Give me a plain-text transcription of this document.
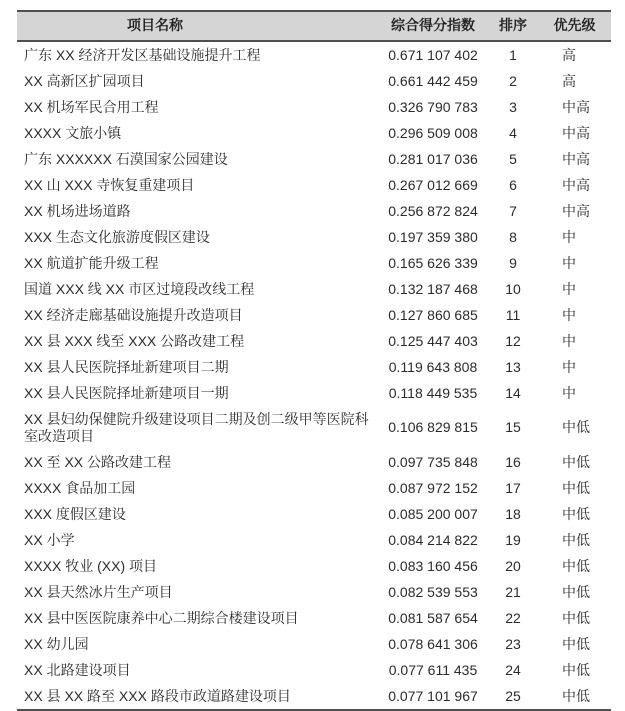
项目名称	综合得分指数	排序	优先级
广东 XX 经济开发区基础设施提升工程	0.671 107 402	1	高
XX 高新区扩园项目	0.661 442 459	2	高
XX 机场军民合用工程	0.326 790 783	3	中高
XXXX 文旅小镇	0.296 509 008	4	中高
广东 XXXXXX 石漠国家公园建设	0.281 017 036	5	中高
XX 山 XXX 寺恢复重建项目	0.267 012 669	6	中高
XX 机场进场道路	0.256 872 824	7	中高
XXX 生态文化旅游度假区建设	0.197 359 380	8	中
XX 航道扩能升级工程	0.165 626 339	9	中
国道 XXX 线 XX 市区过境段改线工程	0.132 187 468	10	中
XX 经济走廊基础设施提升改造项目	0.127 860 685	11	中
XX 县 XXX 线至 XXX 公路改建工程	0.125 447 403	12	中
XX 县人民医院择址新建项目二期	0.119 643 808	13	中
XX 县人民医院择址新建项目一期	0.118 449 535	14	中
XX 县妇幼保健院升级建设项目二期及创二级甲等医院科室改造项目	0.106 829 815	15	中低
XX 至 XX 公路改建工程	0.097 735 848	16	中低
XXXX 食品加工园	0.087 972 152	17	中低
XXX 度假区建设	0.085 200 007	18	中低
XX 小学	0.084 214 822	19	中低
XXXX 牧业 (XX) 项目	0.083 160 456	20	中低
XX 县天然冰片生产项目	0.082 539 553	21	中低
XX 县中医医院康养中心二期综合楼建设项目	0.081 587 654	22	中低
XX 幼儿园	0.078 641 306	23	中低
XX 北路建设项目	0.077 611 435	24	中低
XX 县 XX 路至 XXX 路段市政道路建设项目	0.077 101 967	25	中低
